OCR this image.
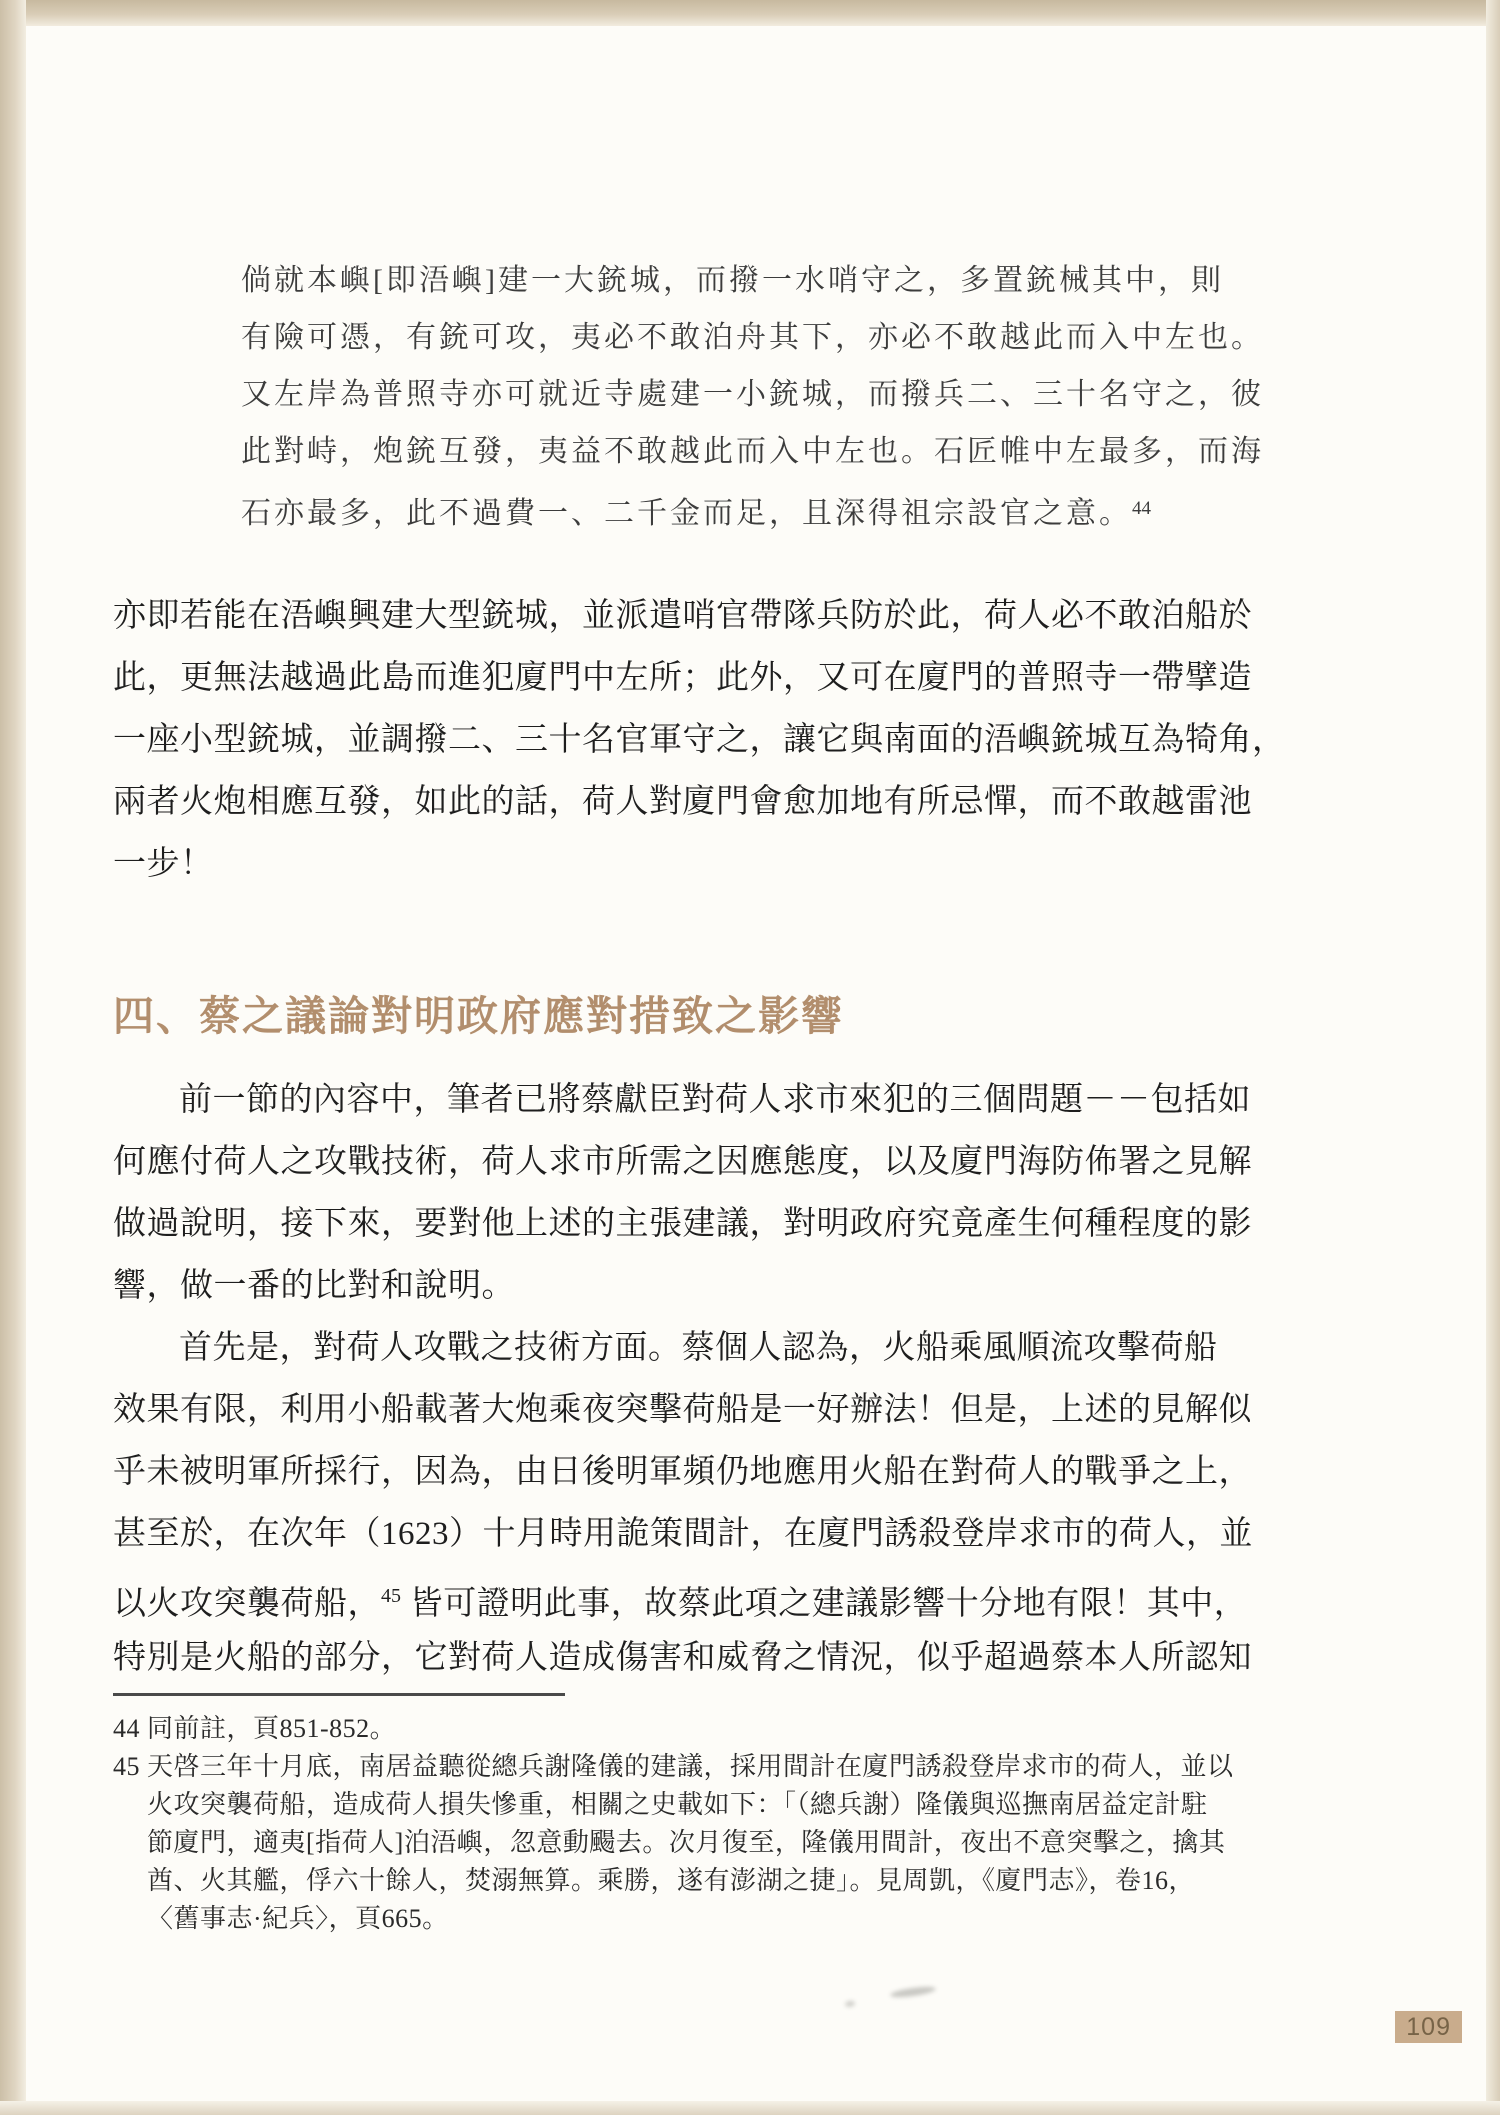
倘就本嶼[即浯嶼]建一大銃城，而撥一水哨守之，多置銃械其中，則
有險可憑，有銃可攻，夷必不敢泊舟其下，亦必不敢越此而入中左也。
又左岸為普照寺亦可就近寺處建一小銃城，而撥兵二、三十名守之，彼
此對峙，炮銃互發，夷益不敢越此而入中左也。石匠帷中左最多，而海
石亦最多，此不過費一、二千金而足，且深得祖宗設官之意。$^{44}$
亦即若能在浯嶼興建大型銃城，並派遣哨官帶隊兵防於此，荷人必不敢泊船於
此，更無法越過此島而進犯廈門中左所；此外，又可在廈門的普照寺一帶擘造
一座小型銃城，並調撥二、三十名官軍守之，讓它與南面的浯嶼銃城互為犄角，
兩者火炮相應互發，如此的話，荷人對廈門會愈加地有所忌憚，而不敢越雷池
一步！
四、蔡之議論對明政府應對措致之影響
前一節的內容中，筆者已將蔡獻臣對荷人求市來犯的三個問題－－包括如
何應付荷人之攻戰技術，荷人求市所需之因應態度，以及廈門海防佈署之見解
做過說明，接下來，要對他上述的主張建議，對明政府究竟產生何種程度的影
響，做一番的比對和說明。
首先是，對荷人攻戰之技術方面。蔡個人認為，火船乘風順流攻擊荷船
效果有限，利用小船載著大炮乘夜突擊荷船是一好辦法！但是，上述的見解似
乎未被明軍所採行，因為，由日後明軍頻仍地應用火船在對荷人的戰爭之上，
甚至於，在次年（1623）十月時用詭策間計，在廈門誘殺登岸求市的荷人，並
以火攻突襲荷船，$^{45}$ 皆可證明此事，故蔡此項之建議影響十分地有限！其中，
特別是火船的部分，它對荷人造成傷害和威脅之情況，似乎超過蔡本人所認知
44 同前註，頁851-852。
45 天啓三年十月底，南居益聽從總兵謝隆儀的建議，採用間計在廈門誘殺登岸求市的荷人，並以
火攻突襲荷船，造成荷人損失慘重，相關之史載如下：「（總兵謝）隆儀與巡撫南居益定計駐
節廈門，適夷[指荷人]泊浯嶼，忽意動颺去。次月復至，隆儀用間計，夜出不意突擊之，擒其
酋、火其艦，俘六十餘人，焚溺無算。乘勝，遂有澎湖之捷」。見周凱，《廈門志》，卷16，
〈舊事志·紀兵〉，頁665。
109
